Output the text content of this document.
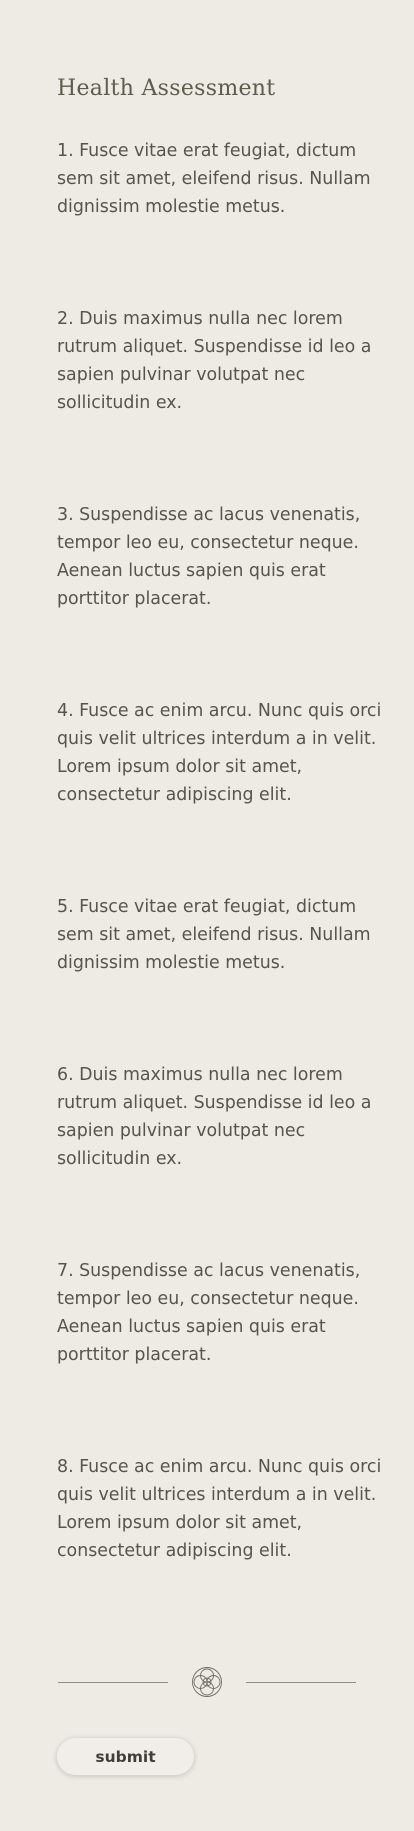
Health Assessment

1. Fusce vitae erat feugiat, dictum sem sit amet, eleifend risus. Nullam dignissim molestie metus.

2. Duis maximus nulla nec lorem rutrum aliquet. Suspendisse id leo a sapien pulvinar volutpat nec sollicitudin ex.

3. Suspendisse ac lacus venenatis, tempor leo eu, consectetur neque. Aenean luctus sapien quis erat porttitor placerat.

4. Fusce ac enim arcu. Nunc quis orci quis velit ultrices interdum a in velit. Lorem ipsum dolor sit amet, consectetur adipiscing elit.

5. Fusce vitae erat feugiat, dictum sem sit amet, eleifend risus. Nullam dignissim molestie metus.

6. Duis maximus nulla nec lorem rutrum aliquet. Suspendisse id leo a sapien pulvinar volutpat nec sollicitudin ex.

7. Suspendisse ac lacus venenatis, tempor leo eu, consectetur neque. Aenean luctus sapien quis erat porttitor placerat.

8. Fusce ac enim arcu. Nunc quis orci quis velit ultrices interdum a in velit. Lorem ipsum dolor sit amet, consectetur adipiscing elit.

submit
